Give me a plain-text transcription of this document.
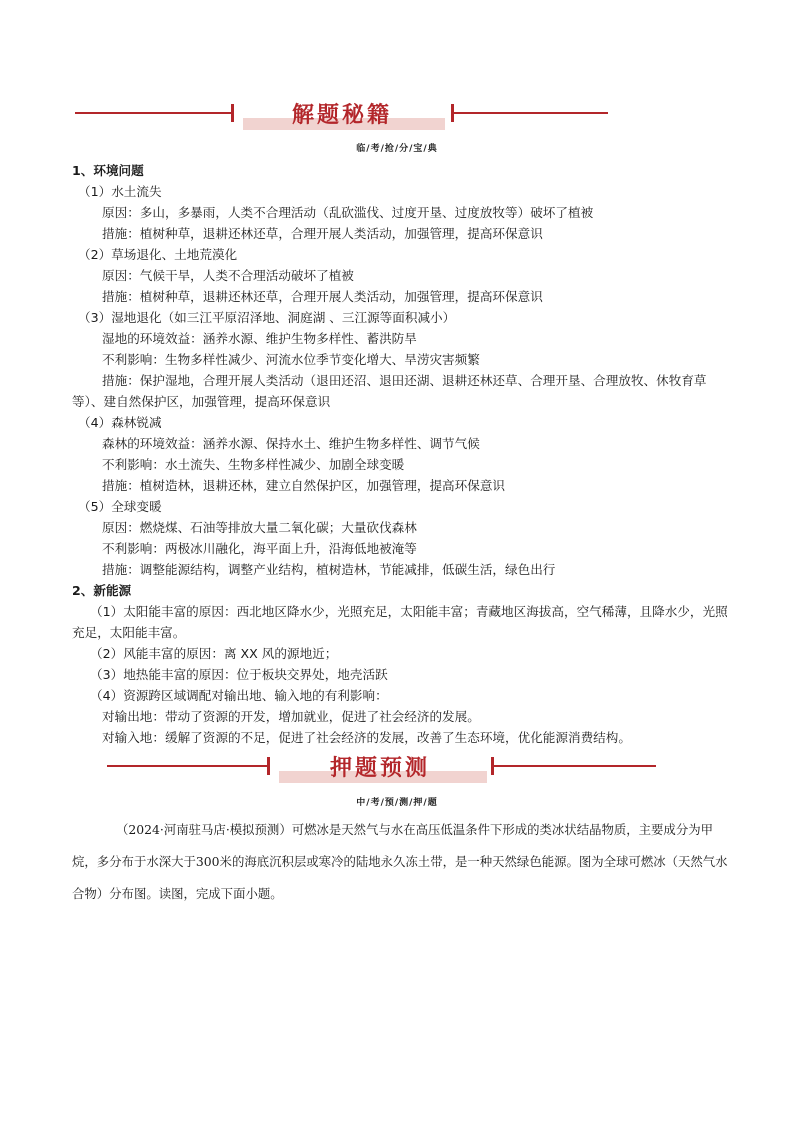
解题秘籍
临/考/抢/分/宝/典
1、环境问题
（1）水土流失
原因：多山，多暴雨，人类不合理活动（乱砍滥伐、过度开垦、过度放牧等）破坏了植被
措施：植树种草，退耕还林还草，合理开展人类活动，加强管理，提高环保意识
（2）草场退化、土地荒漠化
原因：气候干旱，人类不合理活动破坏了植被
措施：植树种草，退耕还林还草，合理开展人类活动，加强管理，提高环保意识
（3）湿地退化（如三江平原沼泽地、洞庭湖 、三江源等面积减小）
湿地的环境效益：涵养水源、维护生物多样性、蓄洪防旱
不利影响：生物多样性减少、河流水位季节变化增大、旱涝灾害频繁
措施：保护湿地，合理开展人类活动（退田还沼、退田还湖、退耕还林还草、合理开垦、合理放牧、休牧育草等）、建自然保护区，加强管理，提高环保意识
（4）森林锐减
森林的环境效益：涵养水源、保持水土、维护生物多样性、调节气候
不利影响：水土流失、生物多样性减少、加剧全球变暖
措施：植树造林，退耕还林，建立自然保护区，加强管理，提高环保意识
（5）全球变暖
原因：燃烧煤、石油等排放大量二氧化碳；大量砍伐森林
不利影响：两极冰川融化，海平面上升，沿海低地被淹等
措施：调整能源结构，调整产业结构，植树造林，节能减排，低碳生活，绿色出行
2、新能源
（1）太阳能丰富的原因：西北地区降水少，光照充足，太阳能丰富；青藏地区海拔高，空气稀薄，且降水少，光照充足，太阳能丰富。
（2）风能丰富的原因：离 XX 风的源地近；
（3）地热能丰富的原因：位于板块交界处，地壳活跃
（4）资源跨区域调配对输出地、输入地的有利影响：
对输出地：带动了资源的开发，增加就业，促进了社会经济的发展。
对输入地：缓解了资源的不足，促进了社会经济的发展，改善了生态环境，优化能源消费结构。
押题预测
中/考/预/测/押/题
（2024·河南驻马店·模拟预测）可燃冰是天然气与水在高压低温条件下形成的类冰状结晶物质，主要成分为甲烷，多分布于水深大于300米的海底沉积层或寒冷的陆地永久冻土带，是一种天然绿色能源。图为全球可燃冰（天然气水合物）分布图。读图，完成下面小题。
